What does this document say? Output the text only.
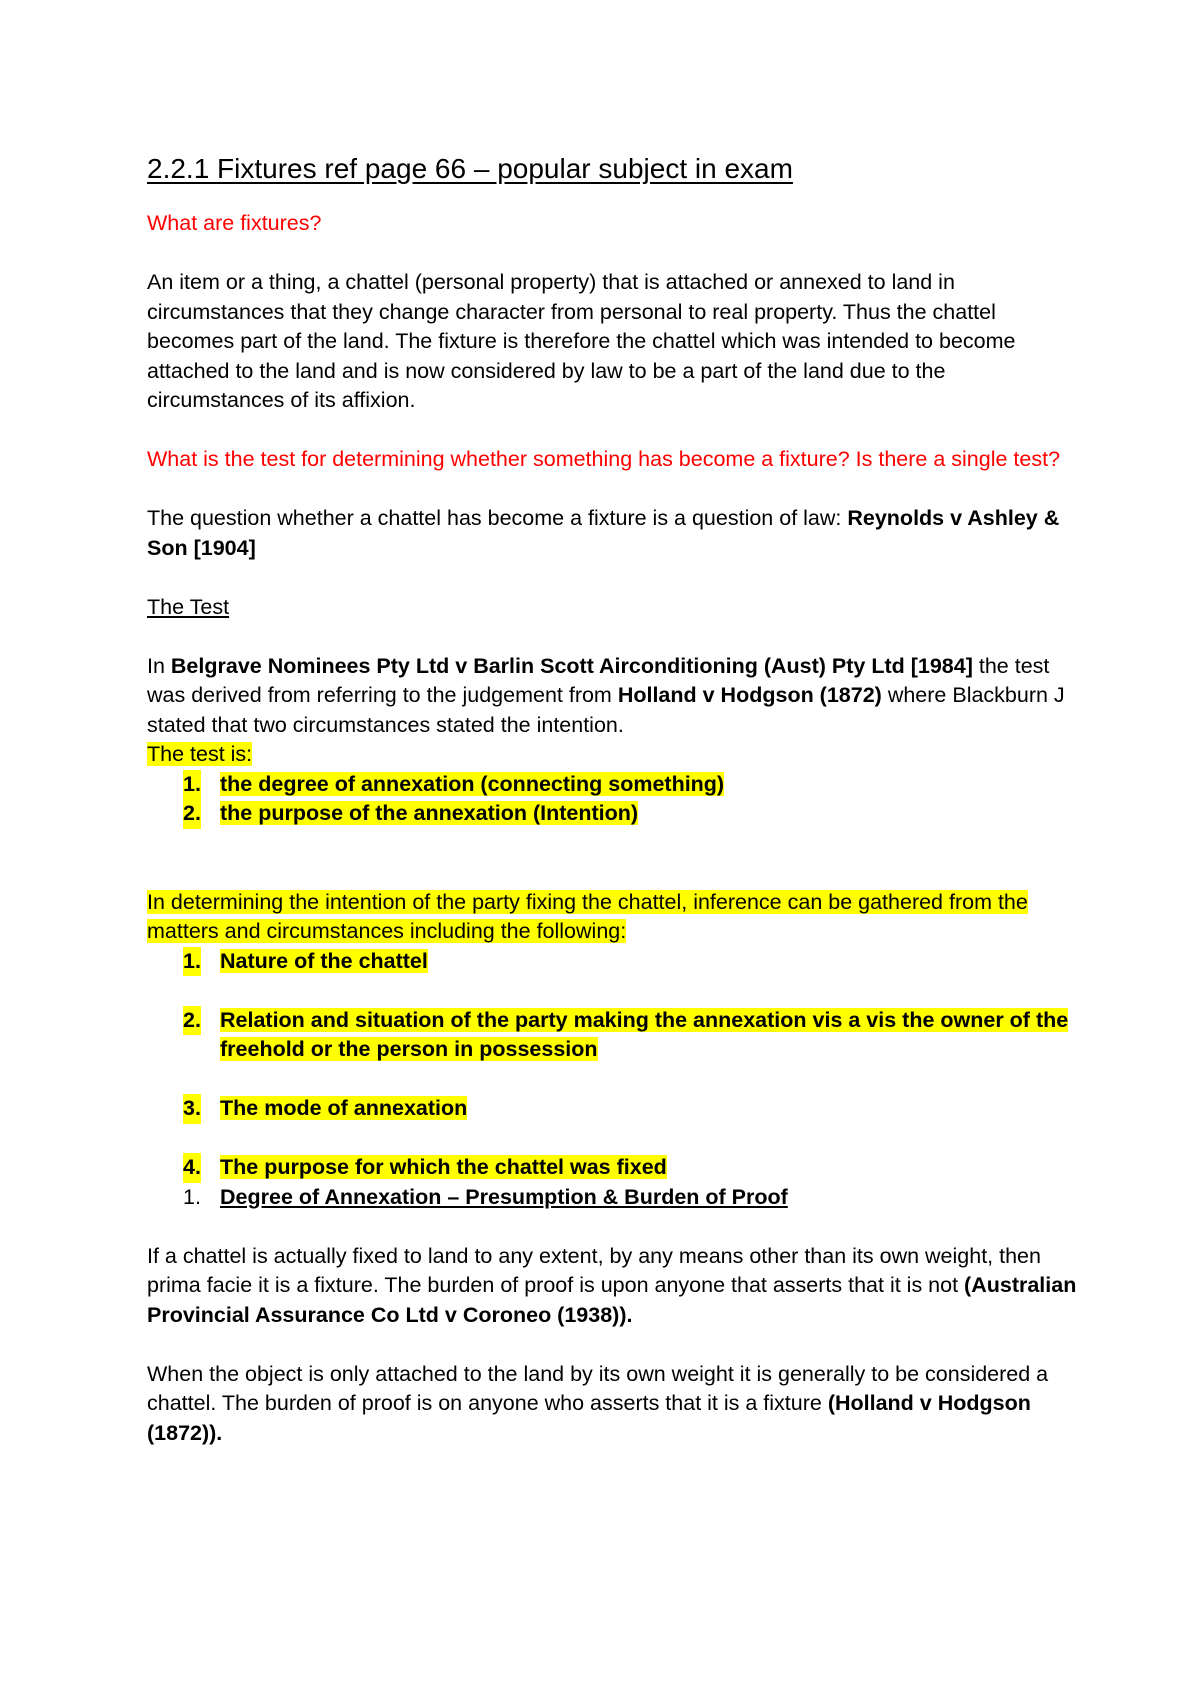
2.2.1 Fixtures ref page 66 – popular subject in exam

What are fixtures?

An item or a thing, a chattel (personal property) that is attached or annexed to land in circumstances that they change character from personal to real property. Thus the chattel becomes part of the land. The fixture is therefore the chattel which was intended to become attached to the land and is now considered by law to be a part of the land due to the circumstances of its affixion.

What is the test for determining whether something has become a fixture? Is there a single test?

The question whether a chattel has become a fixture is a question of law: Reynolds v Ashley & Son [1904]

The Test

In Belgrave Nominees Pty Ltd v Barlin Scott Airconditioning (Aust) Pty Ltd [1984] the test was derived from referring to the judgement from Holland v Hodgson (1872) where Blackburn J stated that two circumstances stated the intention.

The test is:

1. the degree of annexation (connecting something)
2. the purpose of the annexation (Intention)

In determining the intention of the party fixing the chattel, inference can be gathered from the matters and circumstances including the following:

1. Nature of the chattel
2. Relation and situation of the party making the annexation vis a vis the owner of the freehold or the person in possession
3. The mode of annexation
4. The purpose for which the chattel was fixed
1. Degree of Annexation – Presumption & Burden of Proof

If a chattel is actually fixed to land to any extent, by any means other than its own weight, then prima facie it is a fixture. The burden of proof is upon anyone that asserts that it is not (Australian Provincial Assurance Co Ltd v Coroneo (1938)).

When the object is only attached to the land by its own weight it is generally to be considered a chattel. The burden of proof is on anyone who asserts that it is a fixture (Holland v Hodgson (1872)).
